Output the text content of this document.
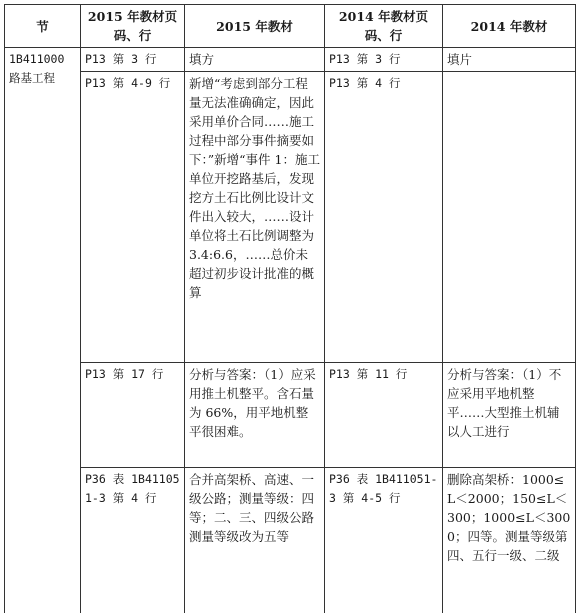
节	2015 年教材页码、行	2015 年教材	2014 年教材页码、行	2014 年教材
1B411000 路基工程	P13 第 3 行	填方	P13 第 3 行	填片
	P13 第 4-9 行	新增“考虑到部分工程量无法准确确定，因此采用单价合同……施工过程中部分事件摘要如下：”新增“事件 1：施工单位开挖路基后，发现挖方土石比例比设计文件出入较大，……设计单位将土石比例调整为 3.4:6.6，……总价未超过初步设计批准的概算	P13 第 4 行	
	P13 第 17 行	分析与答案：（1）应采用推土机整平。含石量为 66%，用平地机整平很困难。	P13 第 11 行	分析与答案：（1）不应采用平地机整平……大型推土机辅以人工进行
	P36 表 1B411051-3 第 4 行	合并高架桥、高速、一级公路；测量等级：四等；二、三、四级公路测量等级改为五等	P36 表 1B411051-3 第 4-5 行	删除高架桥：1000≤L＜2000；150≤L＜300；1000≤L＜3000；四等。测量等级第四、五行一级、二级
